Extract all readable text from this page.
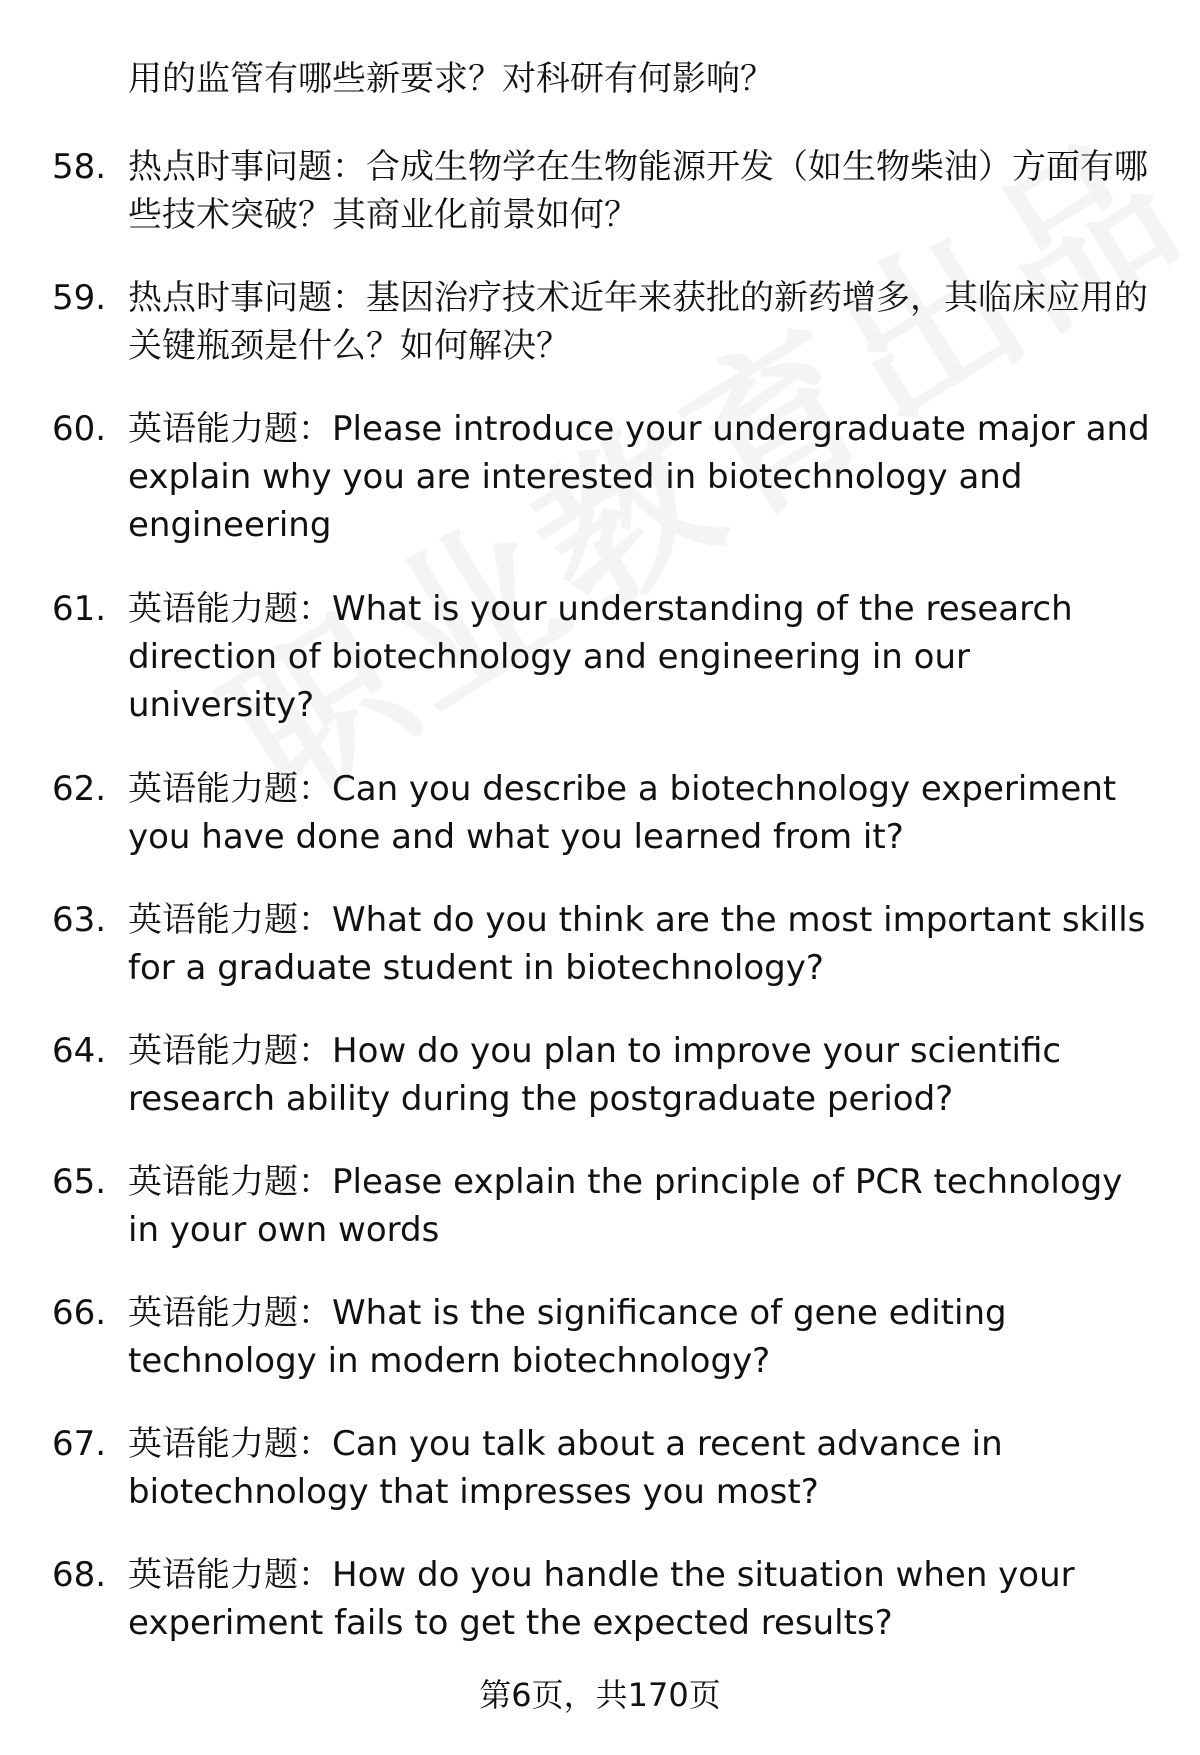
用的监管有哪些新要求？对科研有何影响？
58. 热点时事问题：合成生物学在生物能源开发（如生物柴油）方面有哪些技术突破？其商业化前景如何？
59. 热点时事问题：基因治疗技术近年来获批的新药增多，其临床应用的关键瓶颈是什么？如何解决？
60. 英语能力题：Please introduce your undergraduate major and explain why you are interested in biotechnology and engineering
61. 英语能力题：What is your understanding of the research direction of biotechnology and engineering in our university?
62. 英语能力题：Can you describe a biotechnology experiment you have done and what you learned from it?
63. 英语能力题：What do you think are the most important skills for a graduate student in biotechnology?
64. 英语能力题：How do you plan to improve your scientific research ability during the postgraduate period?
65. 英语能力题：Please explain the principle of PCR technology in your own words
66. 英语能力题：What is the significance of gene editing technology in modern biotechnology?
67. 英语能力题：Can you talk about a recent advance in biotechnology that impresses you most?
68. 英语能力题：How do you handle the situation when your experiment fails to get the expected results?
第6页，共170页
